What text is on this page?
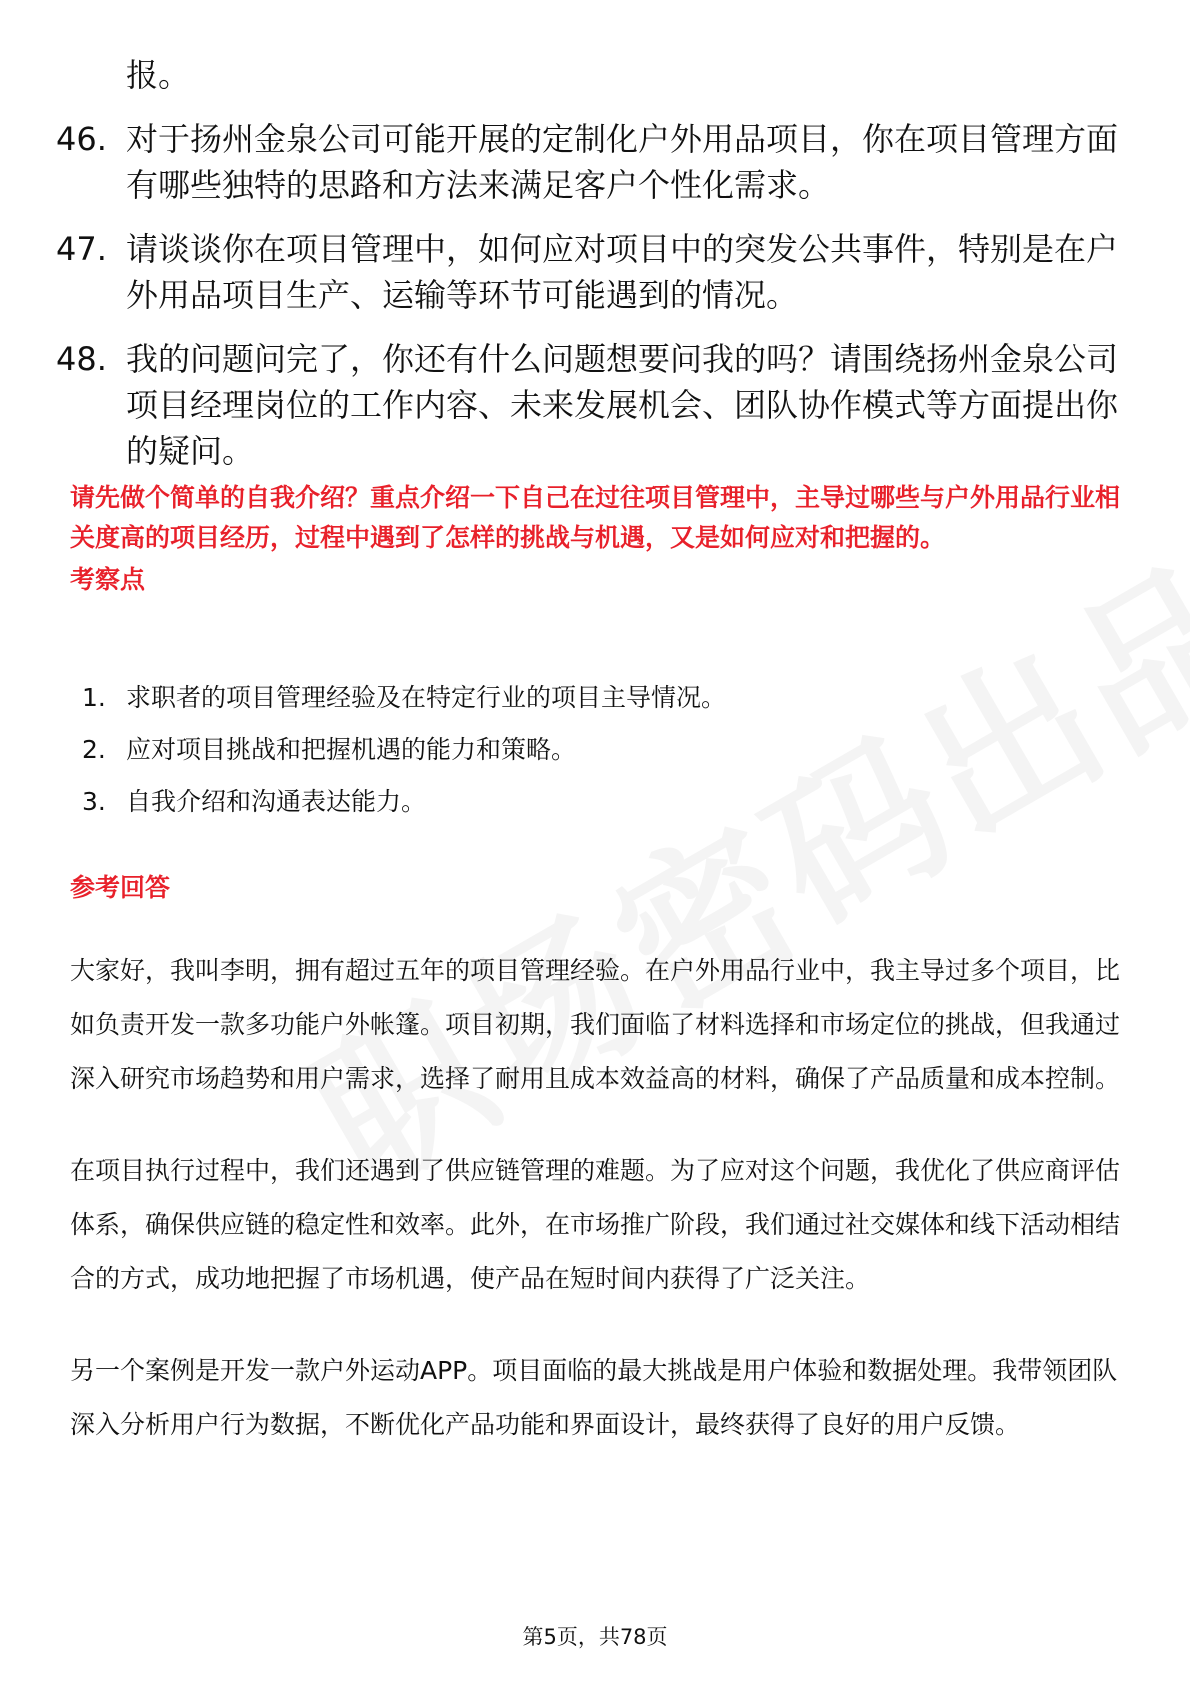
报。
46. 对于扬州金泉公司可能开展的定制化户外用品项目，你在项目管理方面有哪些独特的思路和方法来满足客户个性化需求。
47. 请谈谈你在项目管理中，如何应对项目中的突发公共事件，特别是在户外用品项目生产、运输等环节可能遇到的情况。
48. 我的问题问完了，你还有什么问题想要问我的吗？请围绕扬州金泉公司项目经理岗位的工作内容、未来发展机会、团队协作模式等方面提出你的疑问。
请先做个简单的自我介绍？重点介绍一下自己在过往项目管理中，主导过哪些与户外用品行业相关度高的项目经历，过程中遇到了怎样的挑战与机遇，又是如何应对和把握的。
考察点
1. 求职者的项目管理经验及在特定行业的项目主导情况。
2. 应对项目挑战和把握机遇的能力和策略。
3. 自我介绍和沟通表达能力。
参考回答

大家好，我叫李明，拥有超过五年的项目管理经验。在户外用品行业中，我主导过多个项目，比如负责开发一款多功能户外帐篷。项目初期，我们面临了材料选择和市场定位的挑战，但我通过深入研究市场趋势和用户需求，选择了耐用且成本效益高的材料，确保了产品质量和成本控制。

在项目执行过程中，我们还遇到了供应链管理的难题。为了应对这个问题，我优化了供应商评估体系，确保供应链的稳定性和效率。此外，在市场推广阶段，我们通过社交媒体和线下活动相结合的方式，成功地把握了市场机遇，使产品在短时间内获得了广泛关注。

另一个案例是开发一款户外运动APP。项目面临的最大挑战是用户体验和数据处理。我带领团队深入分析用户行为数据，不断优化产品功能和界面设计，最终获得了良好的用户反馈。

第5页，共78页
